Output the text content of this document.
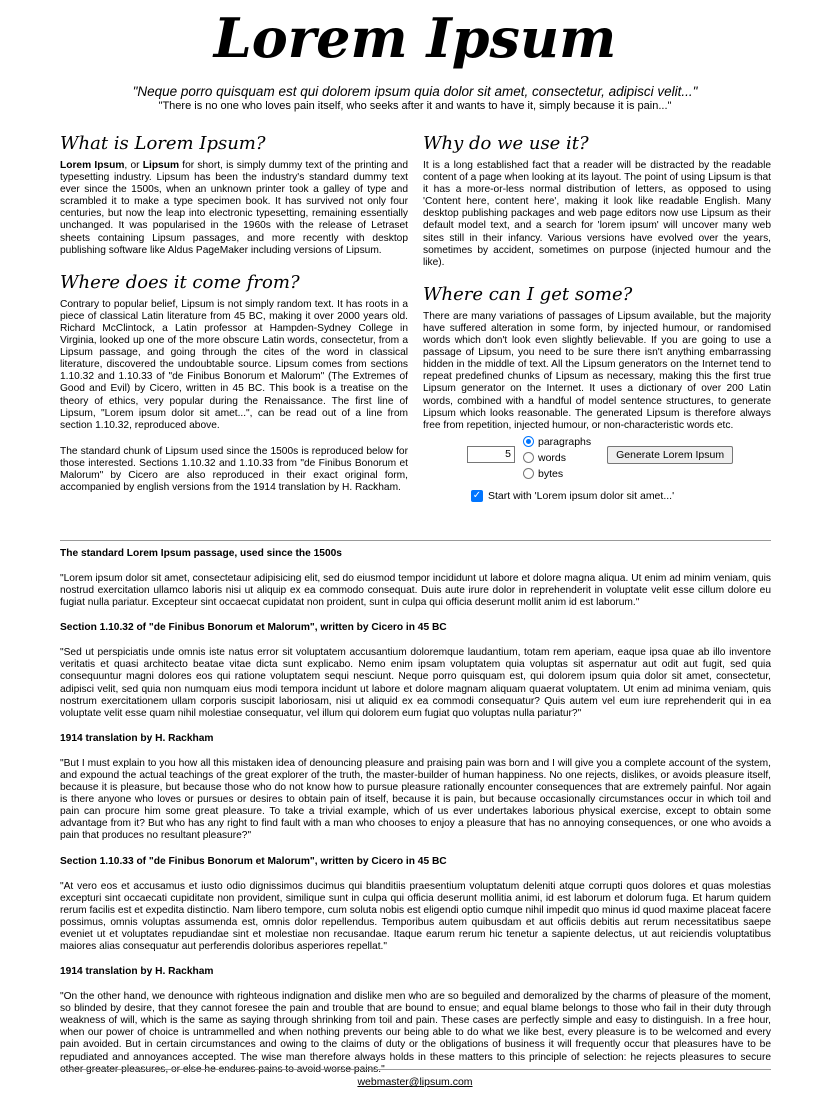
Lorem Ipsum
"Neque porro quisquam est qui dolorem ipsum quia dolor sit amet, consectetur, adipisci velit..."
"There is no one who loves pain itself, who seeks after it and wants to have it, simply because it is pain..."
What is Lorem Ipsum?

Lorem Ipsum, or Lipsum for short, is simply dummy text of the printing and typesetting industry. Lipsum has been the industry's standard dummy text ever since the 1500s, when an unknown printer took a galley of type and scrambled it to make a type specimen book. It has survived not only four centuries, but now the leap into electronic typesetting, remaining essentially unchanged. It was popularised in the 1960s with the release of Letraset sheets containing Lipsum passages, and more recently with desktop publishing software like Aldus PageMaker including versions of Lipsum.

Where does it come from?

Contrary to popular belief, Lipsum is not simply random text. It has roots in a piece of classical Latin literature from 45 BC, making it over 2000 years old. Richard McClintock, a Latin professor at Hampden-Sydney College in Virginia, looked up one of the more obscure Latin words, consectetur, from a Lipsum passage, and going through the cites of the word in classical literature, discovered the undoubtable source. Lipsum comes from sections 1.10.32 and 1.10.33 of "de Finibus Bonorum et Malorum" (The Extremes of Good and Evil) by Cicero, written in 45 BC. This book is a treatise on the theory of ethics, very popular during the Renaissance. The first line of Lipsum, "Lorem ipsum dolor sit amet...", can be read out of a line from section 1.10.32, reproduced above.

The standard chunk of Lipsum used since the 1500s is reproduced below for those interested. Sections 1.10.32 and 1.10.33 from "de Finibus Bonorum et Malorum" by Cicero are also reproduced in their exact original form, accompanied by english versions from the 1914 translation by H. Rackham.

Why do we use it?

It is a long established fact that a reader will be distracted by the readable content of a page when looking at its layout. The point of using Lipsum is that it has a more-or-less normal distribution of letters, as opposed to using 'Content here, content here', making it look like readable English. Many desktop publishing packages and web page editors now use Lipsum as their default model text, and a search for 'lorem ipsum' will uncover many web sites still in their infancy. Various versions have evolved over the years, sometimes by accident, sometimes on purpose (injected humour and the like).

Where can I get some?

There are many variations of passages of Lipsum available, but the majority have suffered alteration in some form, by injected humour, or randomised words which don't look even slightly believable. If you are going to use a passage of Lipsum, you need to be sure there isn't anything embarrassing hidden in the middle of text. All the Lipsum generators on the Internet tend to repeat predefined chunks of Lipsum as necessary, making this the first true Lipsum generator on the Internet. It uses a dictionary of over 200 Latin words, combined with a handful of model sentence structures, to generate Lipsum which looks reasonable. The generated Lipsum is therefore always free from repetition, injected humour, or non-characteristic words etc.

5
paragraphs
words
bytes
Generate Lorem Ipsum
✓ Start with 'Lorem ipsum dolor sit amet...'
The standard Lorem Ipsum passage, used since the 1500s

"Lorem ipsum dolor sit amet, consectetaur adipisicing elit, sed do eiusmod tempor incididunt ut labore et dolore magna aliqua. Ut enim ad minim veniam, quis nostrud exercitation ullamco laboris nisi ut aliquip ex ea commodo consequat. Duis aute irure dolor in reprehenderit in voluptate velit esse cillum dolore eu fugiat nulla pariatur. Excepteur sint occaecat cupidatat non proident, sunt in culpa qui officia deserunt mollit anim id est laborum."

Section 1.10.32 of "de Finibus Bonorum et Malorum", written by Cicero in 45 BC

"Sed ut perspiciatis unde omnis iste natus error sit voluptatem accusantium doloremque laudantium, totam rem aperiam, eaque ipsa quae ab illo inventore veritatis et quasi architecto beatae vitae dicta sunt explicabo. Nemo enim ipsam voluptatem quia voluptas sit aspernatur aut odit aut fugit, sed quia consequuntur magni dolores eos qui ratione voluptatem sequi nesciunt. Neque porro quisquam est, qui dolorem ipsum quia dolor sit amet, consectetur, adipisci velit, sed quia non numquam eius modi tempora incidunt ut labore et dolore magnam aliquam quaerat voluptatem. Ut enim ad minima veniam, quis nostrum exercitationem ullam corporis suscipit laboriosam, nisi ut aliquid ex ea commodi consequatur? Quis autem vel eum iure reprehenderit qui in ea voluptate velit esse quam nihil molestiae consequatur, vel illum qui dolorem eum fugiat quo voluptas nulla pariatur?"

1914 translation by H. Rackham

"But I must explain to you how all this mistaken idea of denouncing pleasure and praising pain was born and I will give you a complete account of the system, and expound the actual teachings of the great explorer of the truth, the master-builder of human happiness. No one rejects, dislikes, or avoids pleasure itself, because it is pleasure, but because those who do not know how to pursue pleasure rationally encounter consequences that are extremely painful. Nor again is there anyone who loves or pursues or desires to obtain pain of itself, because it is pain, but because occasionally circumstances occur in which toil and pain can procure him some great pleasure. To take a trivial example, which of us ever undertakes laborious physical exercise, except to obtain some advantage from it? But who has any right to find fault with a man who chooses to enjoy a pleasure that has no annoying consequences, or one who avoids a pain that produces no resultant pleasure?"

Section 1.10.33 of "de Finibus Bonorum et Malorum", written by Cicero in 45 BC

"At vero eos et accusamus et iusto odio dignissimos ducimus qui blanditiis praesentium voluptatum deleniti atque corrupti quos dolores et quas molestias excepturi sint occaecati cupiditate non provident, similique sunt in culpa qui officia deserunt mollitia animi, id est laborum et dolorum fuga. Et harum quidem rerum facilis est et expedita distinctio. Nam libero tempore, cum soluta nobis est eligendi optio cumque nihil impedit quo minus id quod maxime placeat facere possimus, omnis voluptas assumenda est, omnis dolor repellendus. Temporibus autem quibusdam et aut officiis debitis aut rerum necessitatibus saepe eveniet ut et voluptates repudiandae sint et molestiae non recusandae. Itaque earum rerum hic tenetur a sapiente delectus, ut aut reiciendis voluptatibus maiores alias consequatur aut perferendis doloribus asperiores repellat."

1914 translation by H. Rackham

"On the other hand, we denounce with righteous indignation and dislike men who are so beguiled and demoralized by the charms of pleasure of the moment, so blinded by desire, that they cannot foresee the pain and trouble that are bound to ensue; and equal blame belongs to those who fail in their duty through weakness of will, which is the same as saying through shrinking from toil and pain. These cases are perfectly simple and easy to distinguish. In a free hour, when our power of choice is untrammelled and when nothing prevents our being able to do what we like best, every pleasure is to be welcomed and every pain avoided. But in certain circumstances and owing to the claims of duty or the obligations of business it will frequently occur that pleasures have to be repudiated and annoyances accepted. The wise man therefore always holds in these matters to this principle of selection: he rejects pleasures to secure other greater pleasures, or else he endures pains to avoid worse pains."

webmaster@lipsum.com
